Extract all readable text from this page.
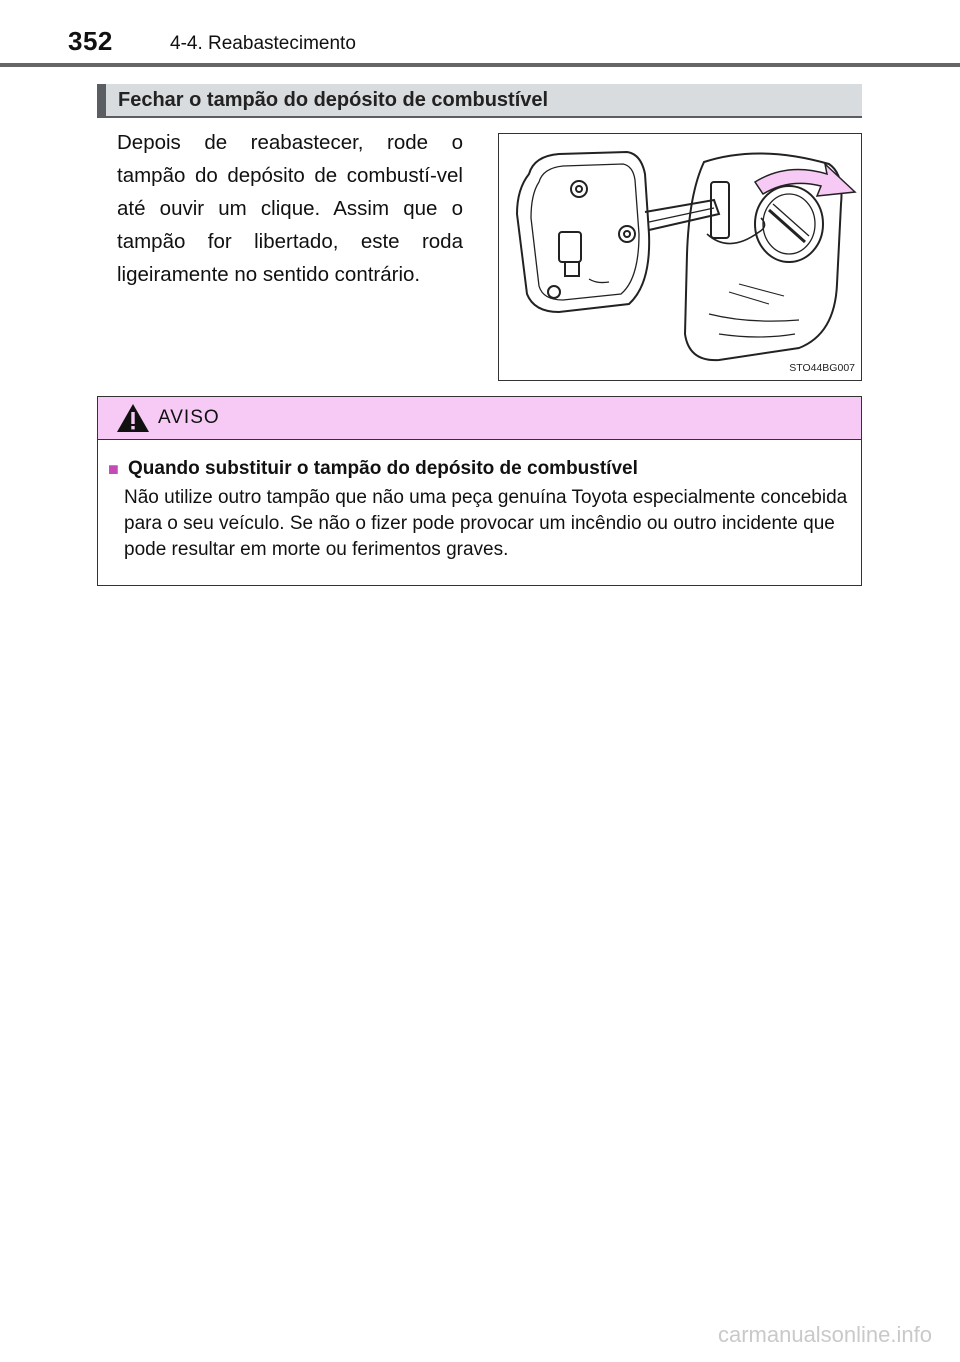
352	4-4. Reabastecimento
Fechar o tampão do depósito de combustível
Depois de reabastecer, rode o tampão do depósito de combustí-vel até ouvir um clique. Assim que o tampão for libertado, este roda ligeiramente no sentido contrário.
STO44BG007
AVISO
■ Quando substituir o tampão do depósito de combustível
Não utilize outro tampão que não uma peça genuína Toyota especialmente concebida para o seu veículo. Se não o fizer pode provocar um incêndio ou outro incidente que pode resultar em morte ou ferimentos graves.
carmanualsonline.info
